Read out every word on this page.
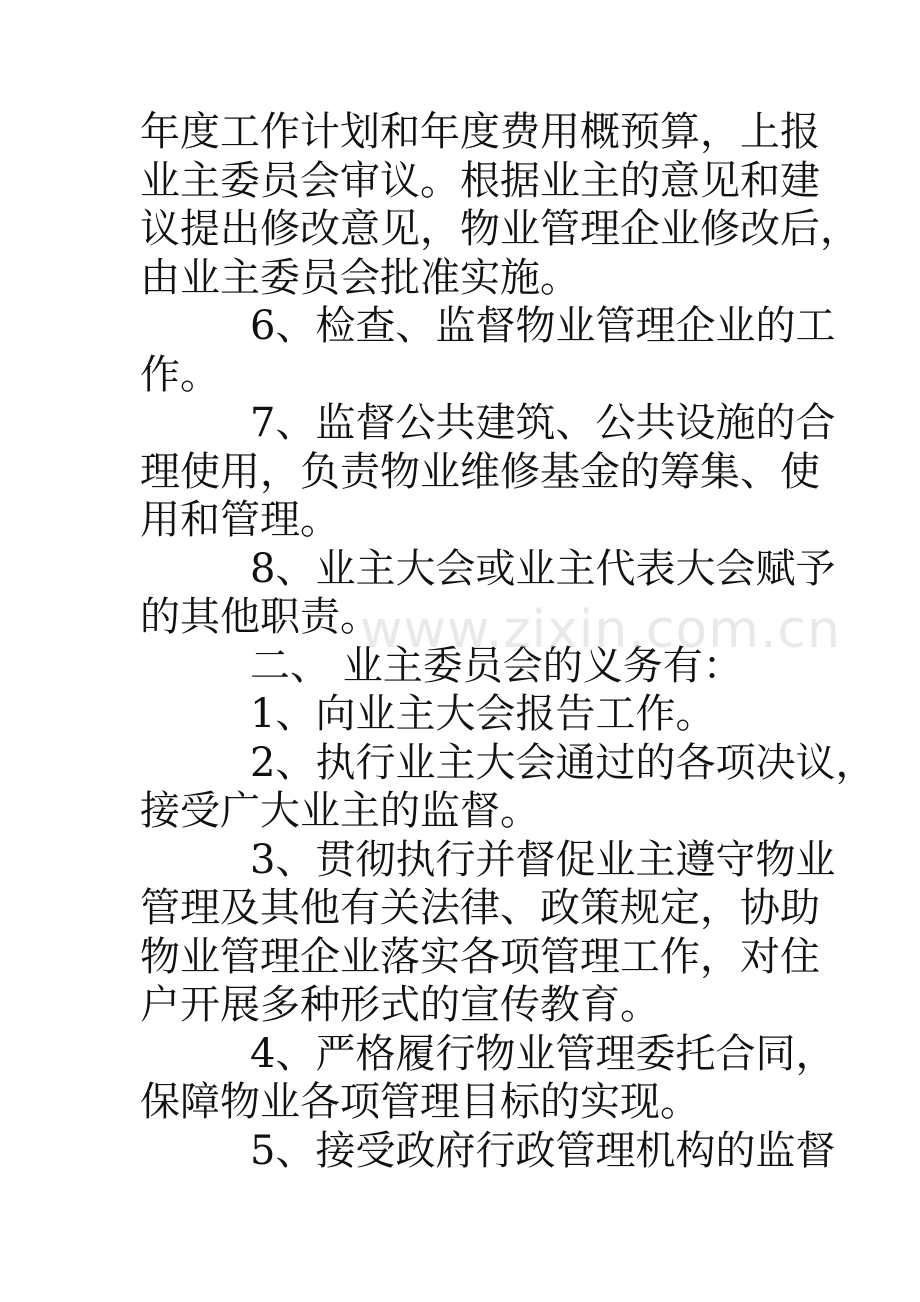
年度工作计划和年度费用概预算，上报
业主委员会审议。根据业主的意见和建
议提出修改意见，物业管理企业修改后，
由业主委员会批准实施。
6、检查、监督物业管理企业的工
作。
7、监督公共建筑、公共设施的合
理使用，负责物业维修基金的筹集、使
用和管理。
8、业主大会或业主代表大会赋予
的其他职责。
二、 业主委员会的义务有：
1、向业主大会报告工作。
2、执行业主大会通过的各项决议，
接受广大业主的监督。
3、贯彻执行并督促业主遵守物业
管理及其他有关法律、政策规定，协助
物业管理企业落实各项管理工作，对住
户开展多种形式的宣传教育。
4、严格履行物业管理委托合同，
保障物业各项管理目标的实现。
5、接受政府行政管理机构的监督
www.zixin.com.cn
